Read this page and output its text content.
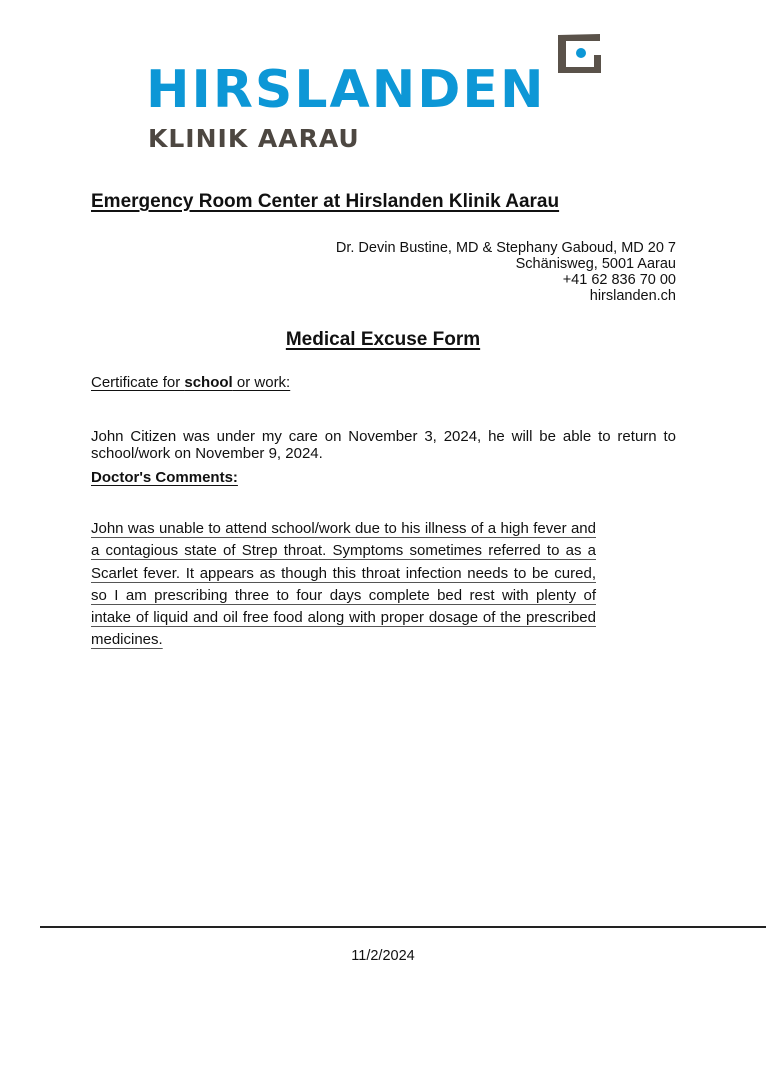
HIRSLANDEN
KLINIK AARAU
Emergency Room Center at Hirslanden Klinik Aarau
Dr. Devin Bustine, MD & Stephany Gaboud, MD 20 7
Schänisweg, 5001 Aarau
+41 62 836 70 00
hirslanden.ch
Medical Excuse Form
Certificate for school or work:
John Citizen was under my care on November 3, 2024, he will be able to return to school/work on November 9, 2024.
Doctor's Comments:

John was unable to attend school/work due to his illness of a high fever and a contagious state of Strep throat. Symptoms sometimes referred to as a Scarlet fever. It appears as though this throat infection needs to be cured, so I am prescribing three to four days complete bed rest with plenty of intake of liquid and oil free food along with proper dosage of the prescribed medicines.

11/2/2024
